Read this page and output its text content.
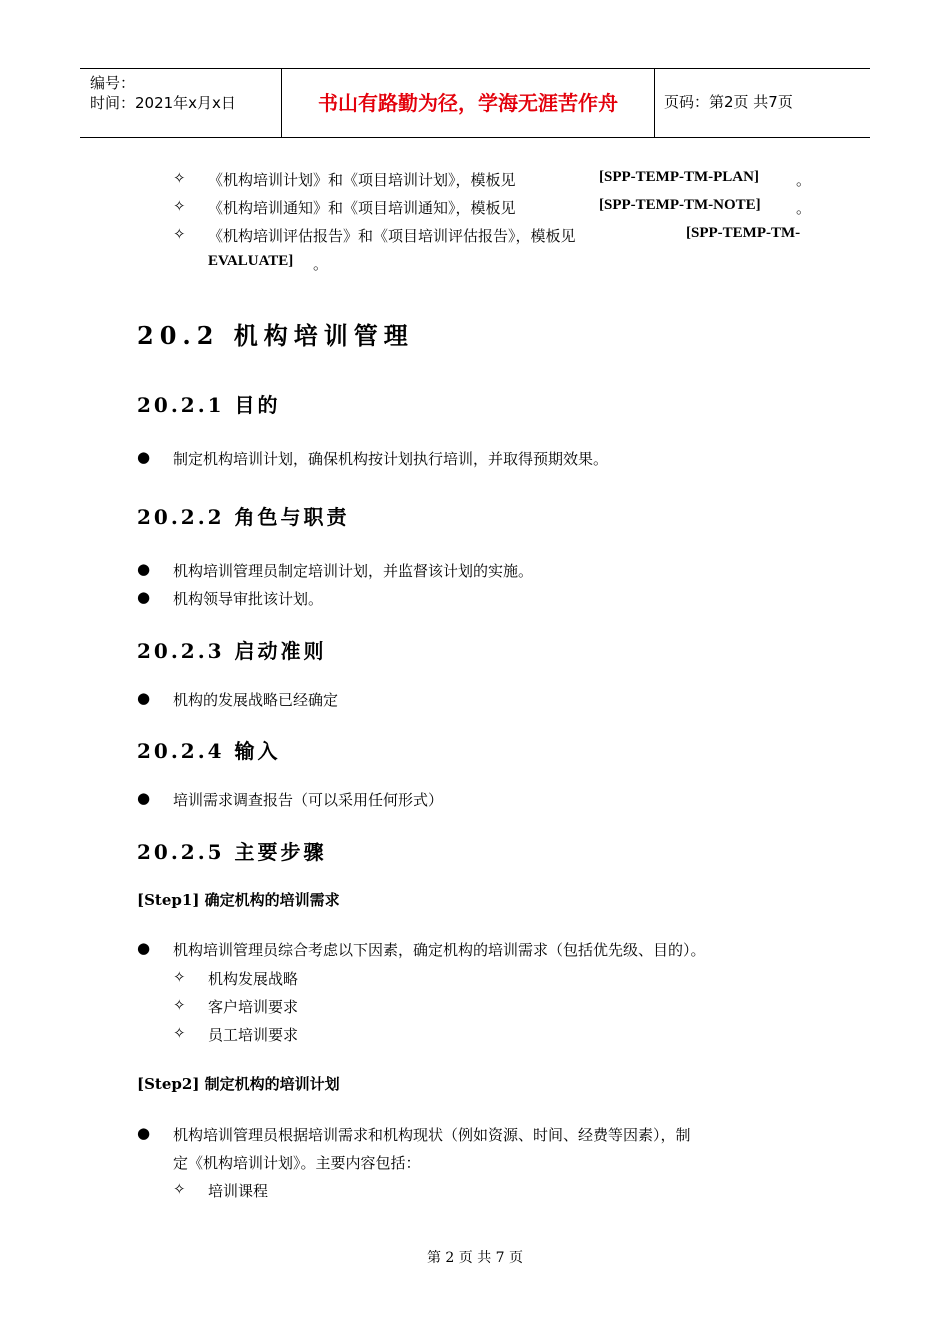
编号：
时间：2021年x月x日	书山有路勤为径，学海无涯苦作舟	页码：第2页 共7页
✧ 《机构培训计划》和《项目培训计划》，模板见	[SPP-TEMP-TM-PLAN] 。
✧ 《机构培训通知》和《项目培训通知》，模板见	[SPP-TEMP-TM-NOTE] 。
✧ 《机构培训评估报告》和《项目培训评估报告》，模板见	[SPP-TEMP-TM-
EVALUATE] 。
20.2 机构培训管理
20.2.1 目的
● 制定机构培训计划，确保机构按计划执行培训，并取得预期效果。
20.2.2 角色与职责
● 机构培训管理员制定培训计划，并监督该计划的实施。
● 机构领导审批该计划。
20.2.3 启动准则
● 机构的发展战略已经确定
20.2.4 输入
● 培训需求调查报告（可以采用任何形式）
20.2.5 主要步骤
[Step1] 确定机构的培训需求
● 机构培训管理员综合考虑以下因素，确定机构的培训需求（包括优先级、目的）。
✧ 机构发展战略
✧ 客户培训要求
✧ 员工培训要求
[Step2] 制定机构的培训计划
● 机构培训管理员根据培训需求和机构现状（例如资源、时间、经费等因素），制
定《机构培训计划》。主要内容包括：
✧ 培训课程
第 2 页 共 7 页
